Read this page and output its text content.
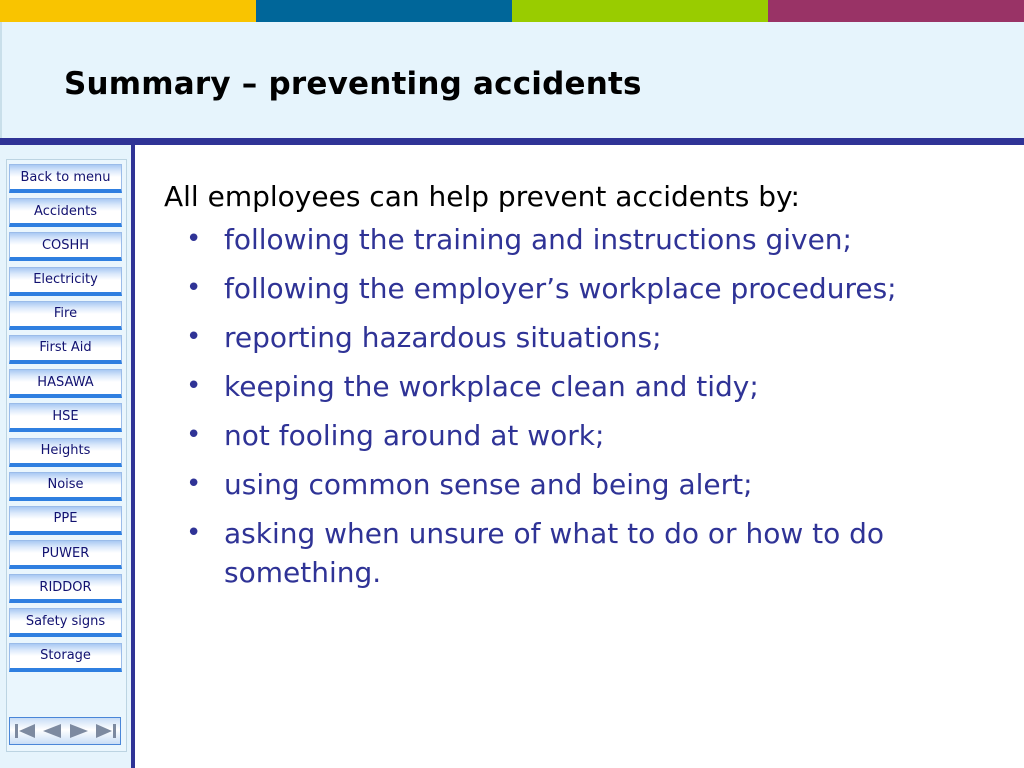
Summary – preventing accidents
Back to menu
Accidents
COSHH
Electricity
Fire
First Aid
HASAWA
HSE
Heights
Noise
PPE
PUWER
RIDDOR
Safety signs
Storage

All employees can help prevent accidents by:

• following the training and instructions given;
• following the employer’s workplace procedures;
• reporting hazardous situations;
• keeping the workplace clean and tidy;
• not fooling around at work;
• using common sense and being alert;
• asking when unsure of what to do or how to do something.
